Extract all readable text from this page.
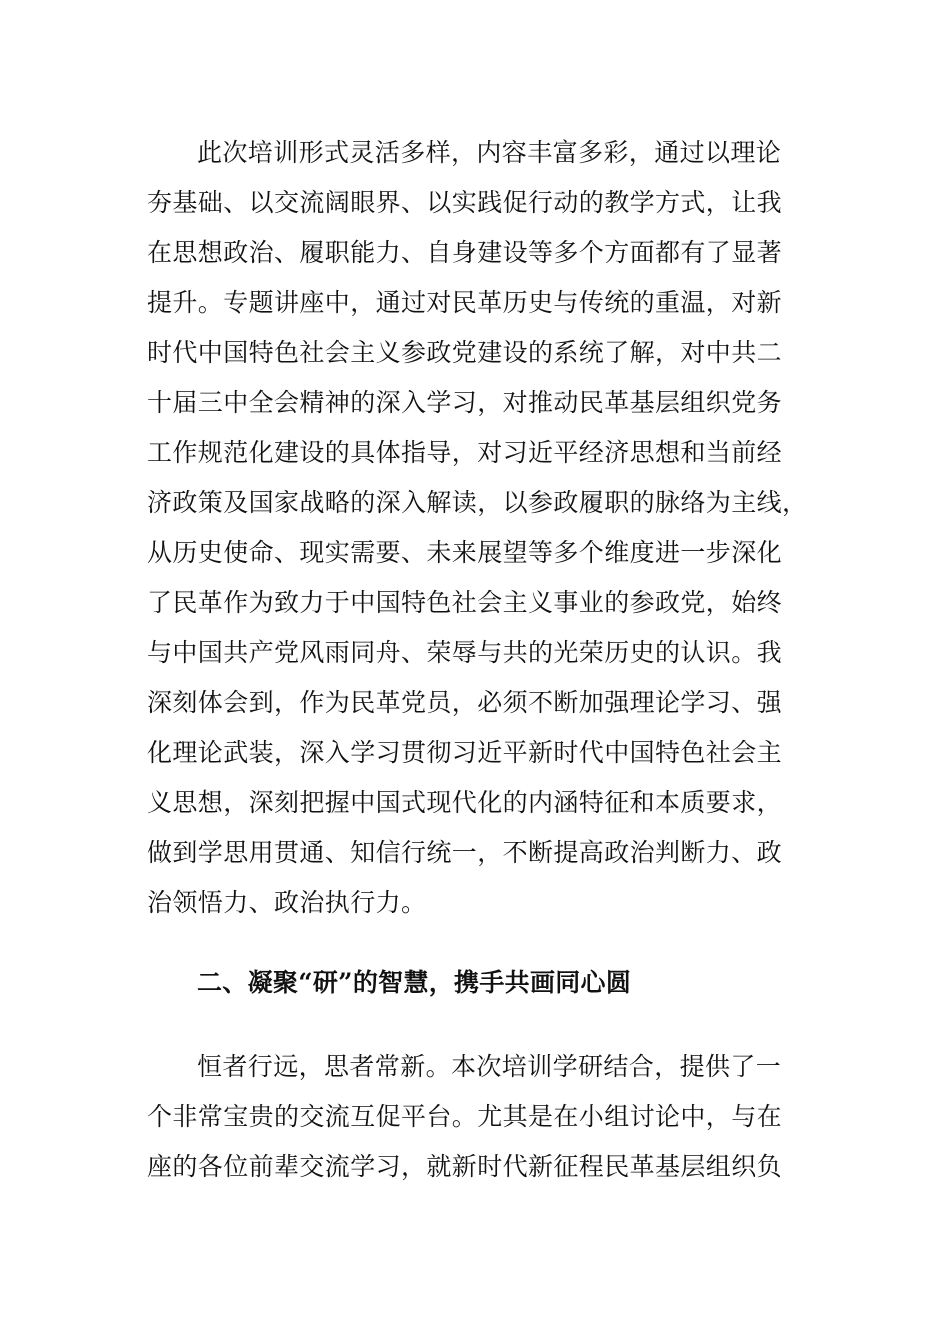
此次培训形式灵活多样，内容丰富多彩，通过以理论
夯基础、以交流阔眼界、以实践促行动的教学方式，让我
在思想政治、履职能力、自身建设等多个方面都有了显著
提升。专题讲座中，通过对民革历史与传统的重温，对新
时代中国特色社会主义参政党建设的系统了解，对中共二
十届三中全会精神的深入学习，对推动民革基层组织党务
工作规范化建设的具体指导，对习近平经济思想和当前经
济政策及国家战略的深入解读，以参政履职的脉络为主线，
从历史使命、现实需要、未来展望等多个维度进一步深化
了民革作为致力于中国特色社会主义事业的参政党，始终
与中国共产党风雨同舟、荣辱与共的光荣历史的认识。我
深刻体会到，作为民革党员，必须不断加强理论学习、强
化理论武装，深入学习贯彻习近平新时代中国特色社会主
义思想，深刻把握中国式现代化的内涵特征和本质要求，
做到学思用贯通、知信行统一，不断提高政治判断力、政
治领悟力、政治执行力。
二、凝聚“研”的智慧，携手共画同心圆
恒者行远，思者常新。本次培训学研结合，提供了一
个非常宝贵的交流互促平台。尤其是在小组讨论中，与在
座的各位前辈交流学习，就新时代新征程民革基层组织负
